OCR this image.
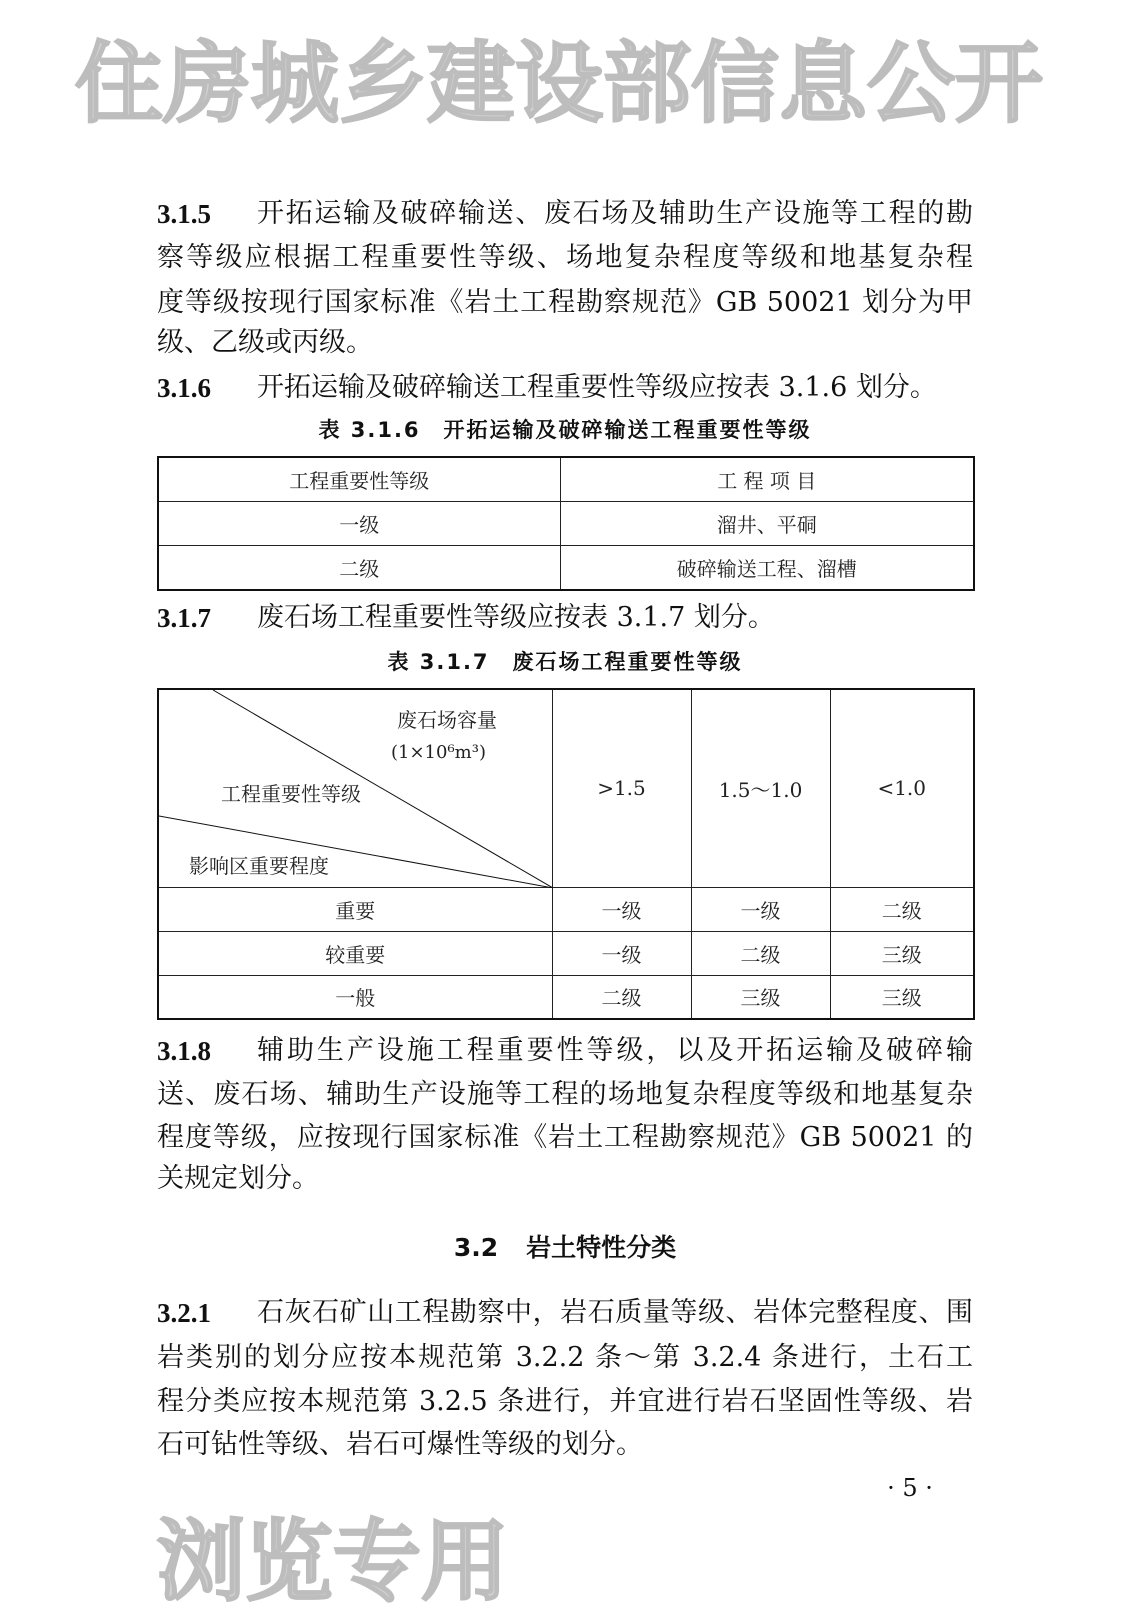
3.1.5	开拓运输及破碎输送、废石场及辅助生产设施等工程的勘
察等级应根据工程重要性等级、场地复杂程度等级和地基复杂程
度等级按现行国家标准《岩土工程勘察规范》GB 50021 划分为甲
级、乙级或丙级。
3.1.6	开拓运输及破碎输送工程重要性等级应按表 3.1.6 划分。
3.1.7	废石场工程重要性等级应按表 3.1.7 划分。
3.1.8	辅助生产设施工程重要性等级，以及开拓运输及破碎输
送、废石场、辅助生产设施等工程的场地复杂程度等级和地基复杂
程度等级，应按现行国家标准《岩土工程勘察规范》GB 50021 的
关规定划分。
3.2.1	石灰石矿山工程勘察中，岩石质量等级、岩体完整程度、围
岩类别的划分应按本规范第 3.2.2 条～第 3.2.4 条进行，土石工
程分类应按本规范第 3.2.5 条进行，并宜进行岩石坚固性等级、岩
石可钻性等级、岩石可爆性等级的划分。
表 3.1.6　开拓运输及破碎输送工程重要性等级
工程重要性等级	工 程 项 目
一级	溜井、平硐
二级	破碎输送工程、溜槽
表 3.1.7　废石场工程重要性等级
废石场容量
(1×10⁶m³)
工程重要性等级
影响区重要程度	>1.5	1.5～1.0	<1.0
重要	一级	一级	二级
较重要	一级	二级	三级
一般	二级	三级	三级
3.2 岩土特性分类
· 5 ·
住房城乡建设部信息公开
浏览专用
